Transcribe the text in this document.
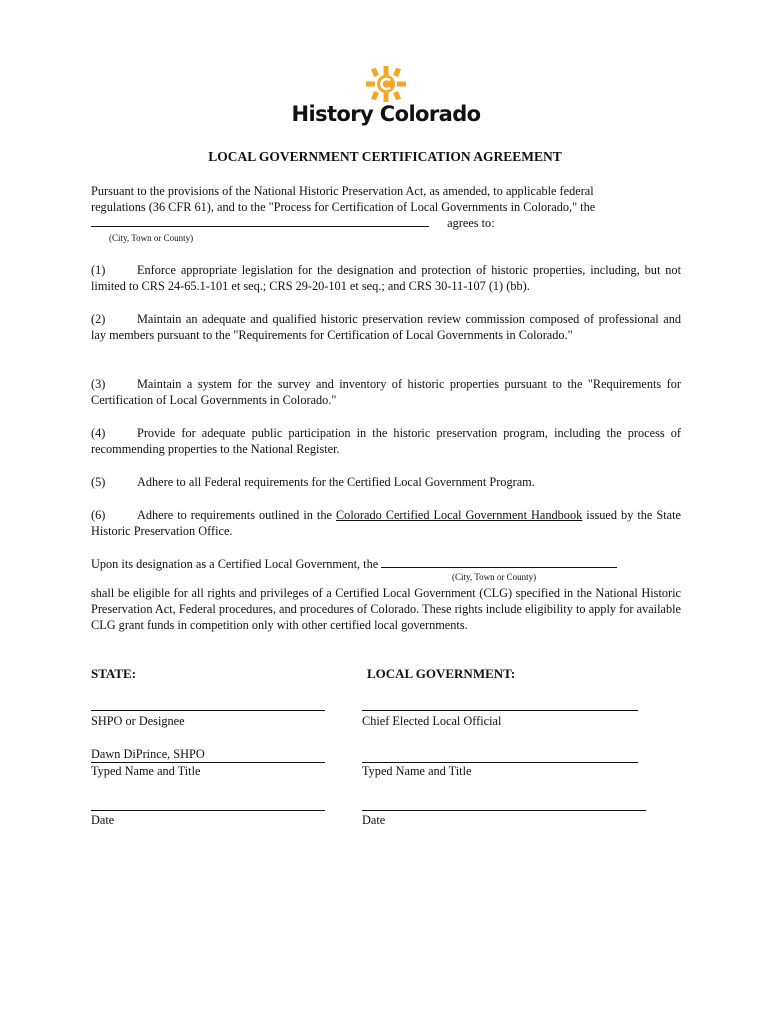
History Colorado
LOCAL GOVERNMENT CERTIFICATION AGREEMENT
Pursuant to the provisions of the National Historic Preservation Act, as amended, to applicable federal
regulations (36 CFR 61), and to the "Process for Certification of Local Governments in Colorado," the
agrees to:
(City, Town or County)
(1)	Enforce appropriate legislation for the designation and protection of historic properties, including, but not limited to CRS 24-65.1-101 et seq.; CRS 29-20-101 et seq.; and CRS 30-11-107 (1) (bb).
(2)	Maintain an adequate and qualified historic preservation review commission composed of professional and lay members pursuant to the "Requirements for Certification of Local Governments in Colorado."
(3)	Maintain a system for the survey and inventory of historic properties pursuant to the "Requirements for Certification of Local Governments in Colorado."
(4)	Provide for adequate public participation in the historic preservation program, including the process of recommending properties to the National Register.
(5)	Adhere to all Federal requirements for the Certified Local Government Program.
(6)	Adhere to requirements outlined in the Colorado Certified Local Government Handbook issued by the State Historic Preservation Office.
Upon its designation as a Certified Local Government, the
(City, Town or County)
shall be eligible for all rights and privileges of a Certified Local Government (CLG) specified in the National Historic Preservation Act, Federal procedures, and procedures of Colorado. These rights include eligibility to apply for available CLG grant funds in competition only with other certified local governments.
STATE:	LOCAL GOVERNMENT:
SHPO or Designee	Chief Elected Local Official
Dawn DiPrince, SHPO
Typed Name and Title	Typed Name and Title
Date	Date
